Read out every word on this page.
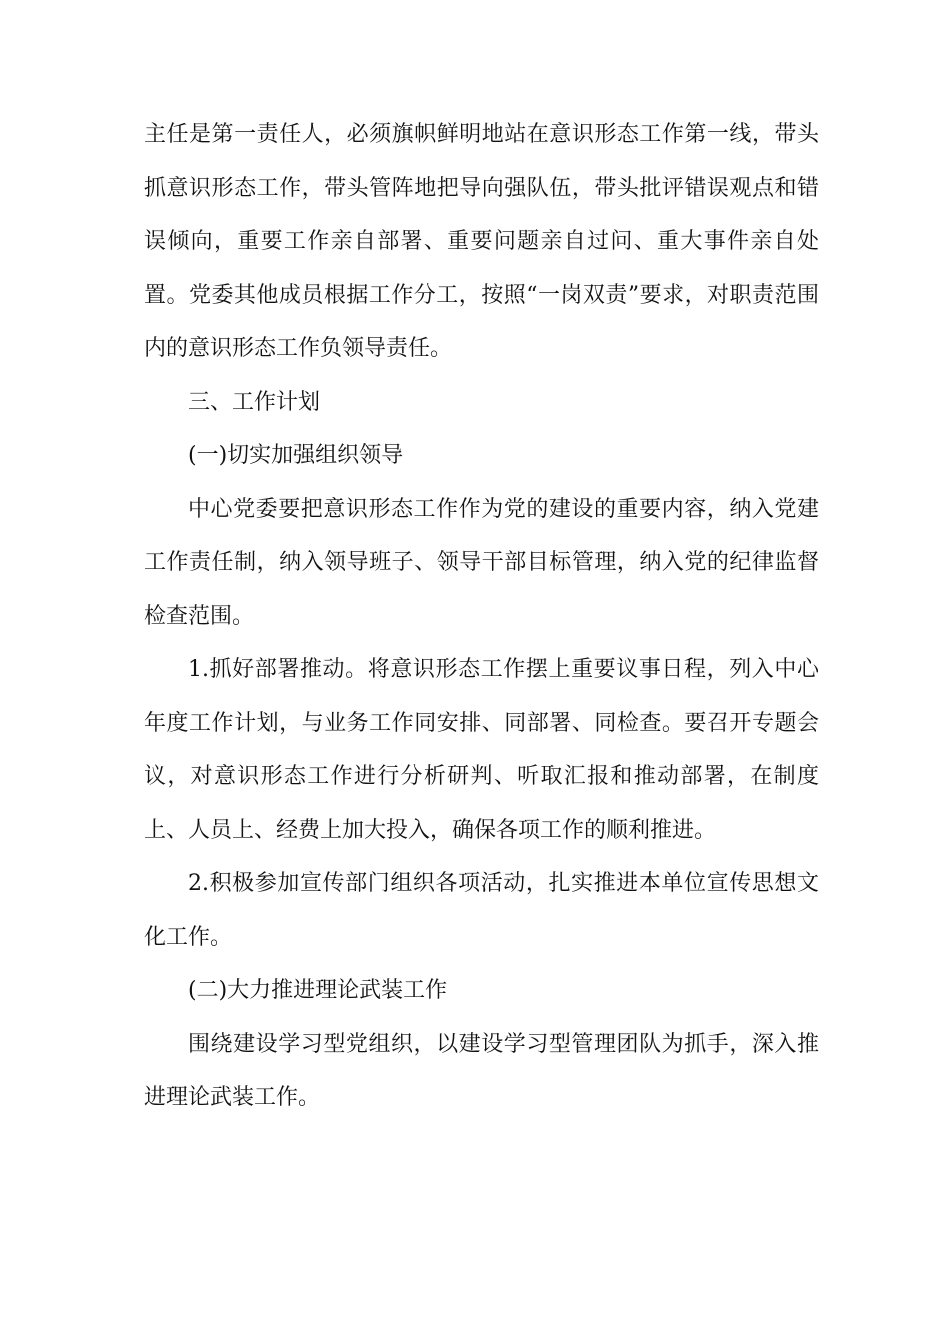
主任是第一责任人，必须旗帜鲜明地站在意识形态工作第一线，带头抓意识形态工作，带头管阵地把导向强队伍，带头批评错误观点和错误倾向，重要工作亲自部署、重要问题亲自过问、重大事件亲自处置。党委其他成员根据工作分工，按照“一岗双责”要求，对职责范围内的意识形态工作负领导责任。

三、工作计划

(一)切实加强组织领导

中心党委要把意识形态工作作为党的建设的重要内容，纳入党建工作责任制，纳入领导班子、领导干部目标管理，纳入党的纪律监督检查范围。

1.抓好部署推动。将意识形态工作摆上重要议事日程，列入中心年度工作计划，与业务工作同安排、同部署、同检查。要召开专题会议，对意识形态工作进行分析研判、听取汇报和推动部署，在制度上、人员上、经费上加大投入，确保各项工作的顺利推进。

2.积极参加宣传部门组织各项活动，扎实推进本单位宣传思想文化工作。

(二)大力推进理论武装工作

围绕建设学习型党组织，以建设学习型管理团队为抓手，深入推进理论武装工作。
